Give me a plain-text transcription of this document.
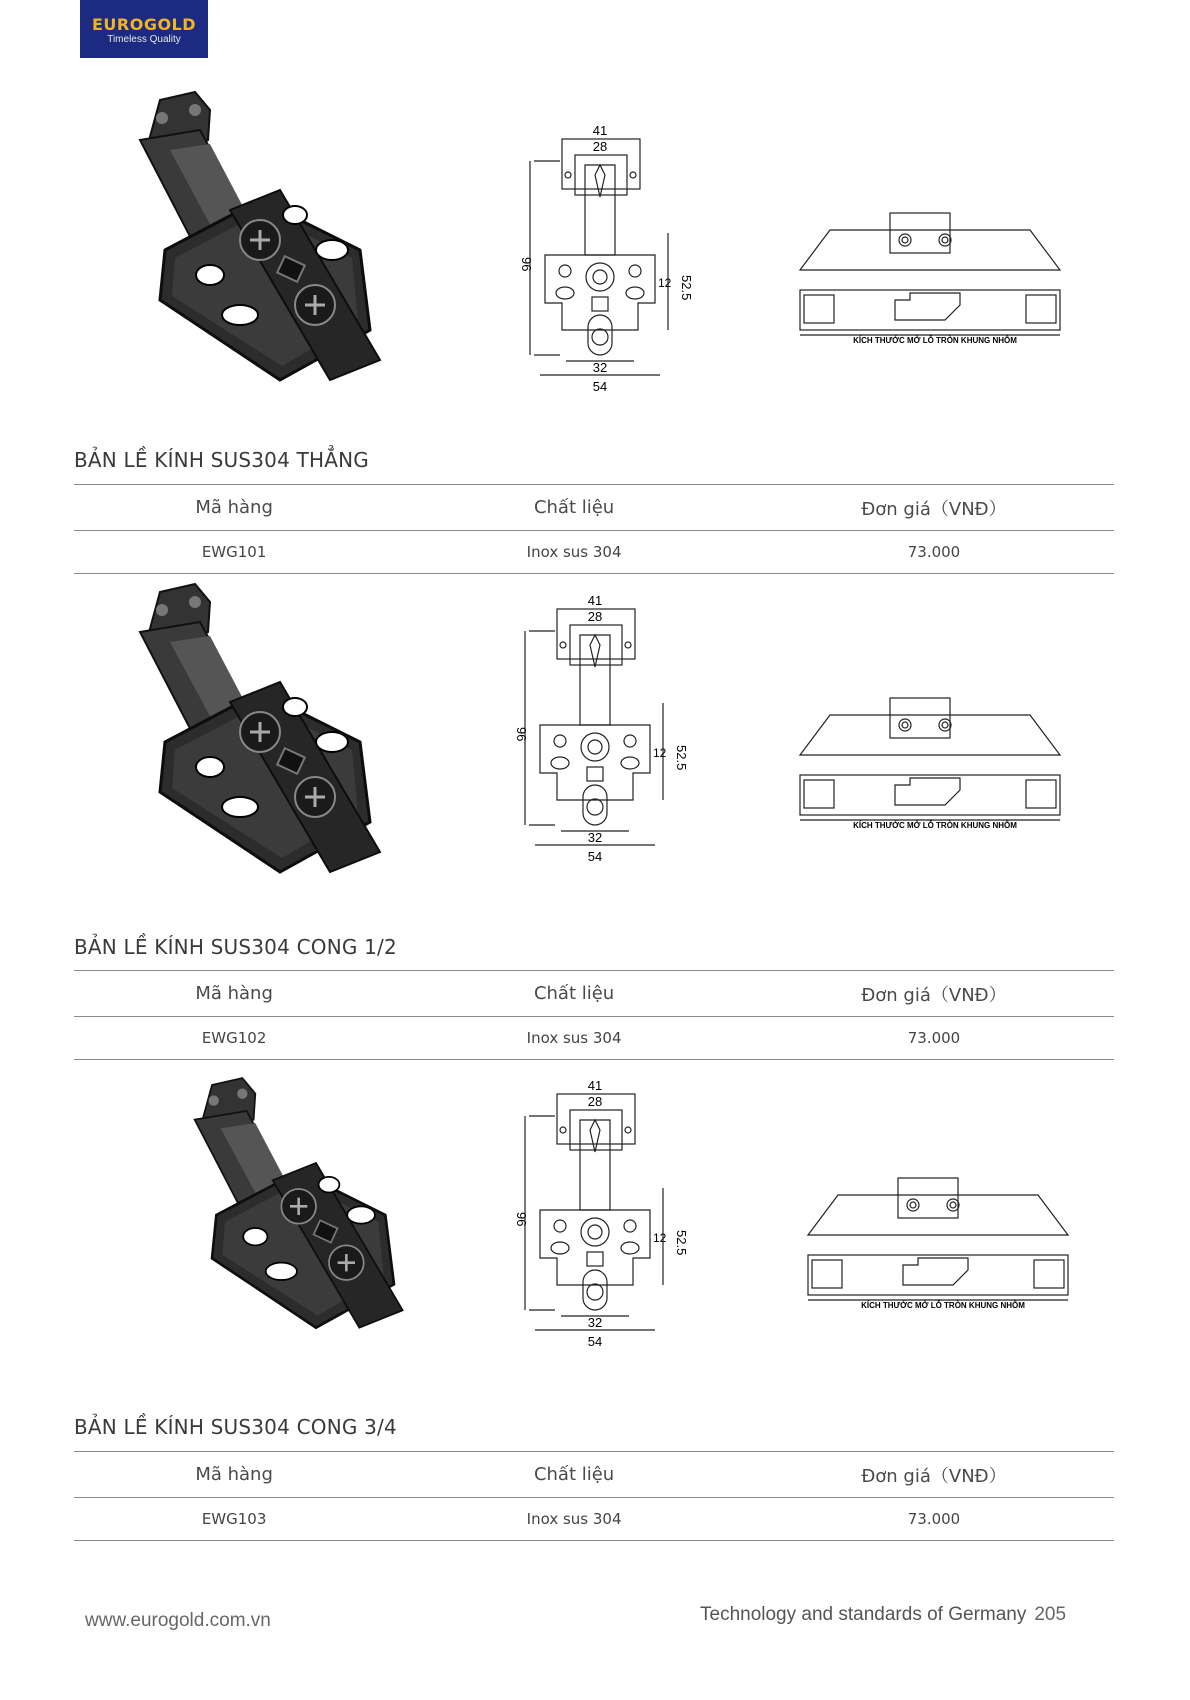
EUROGOLD
Timeless Quality
41
28
96
12 52.5
32
54
KÍCH THƯỚC MỞ LỖ TRÒN KHUNG NHÔM
BẢN LỀ KÍNH SUS304 THẲNG
Mã hàng	Chất liệu	Đơn giá（VNĐ）
EWG101	Inox sus 304	73.000
41
28
96
12 52.5
32
54
KÍCH THƯỚC MỞ LỖ TRÒN KHUNG NHÔM
BẢN LỀ KÍNH SUS304 CONG 1/2
Mã hàng	Chất liệu	Đơn giá（VNĐ）
EWG102	Inox sus 304	73.000
41
28
96
12 52.5
32
54
KÍCH THƯỚC MỞ LỖ TRÒN KHUNG NHÔM
BẢN LỀ KÍNH SUS304 CONG 3/4
Mã hàng	Chất liệu	Đơn giá（VNĐ）
EWG103	Inox sus 304	73.000
www.eurogold.com.vn	Technology and standards of Germany 205
